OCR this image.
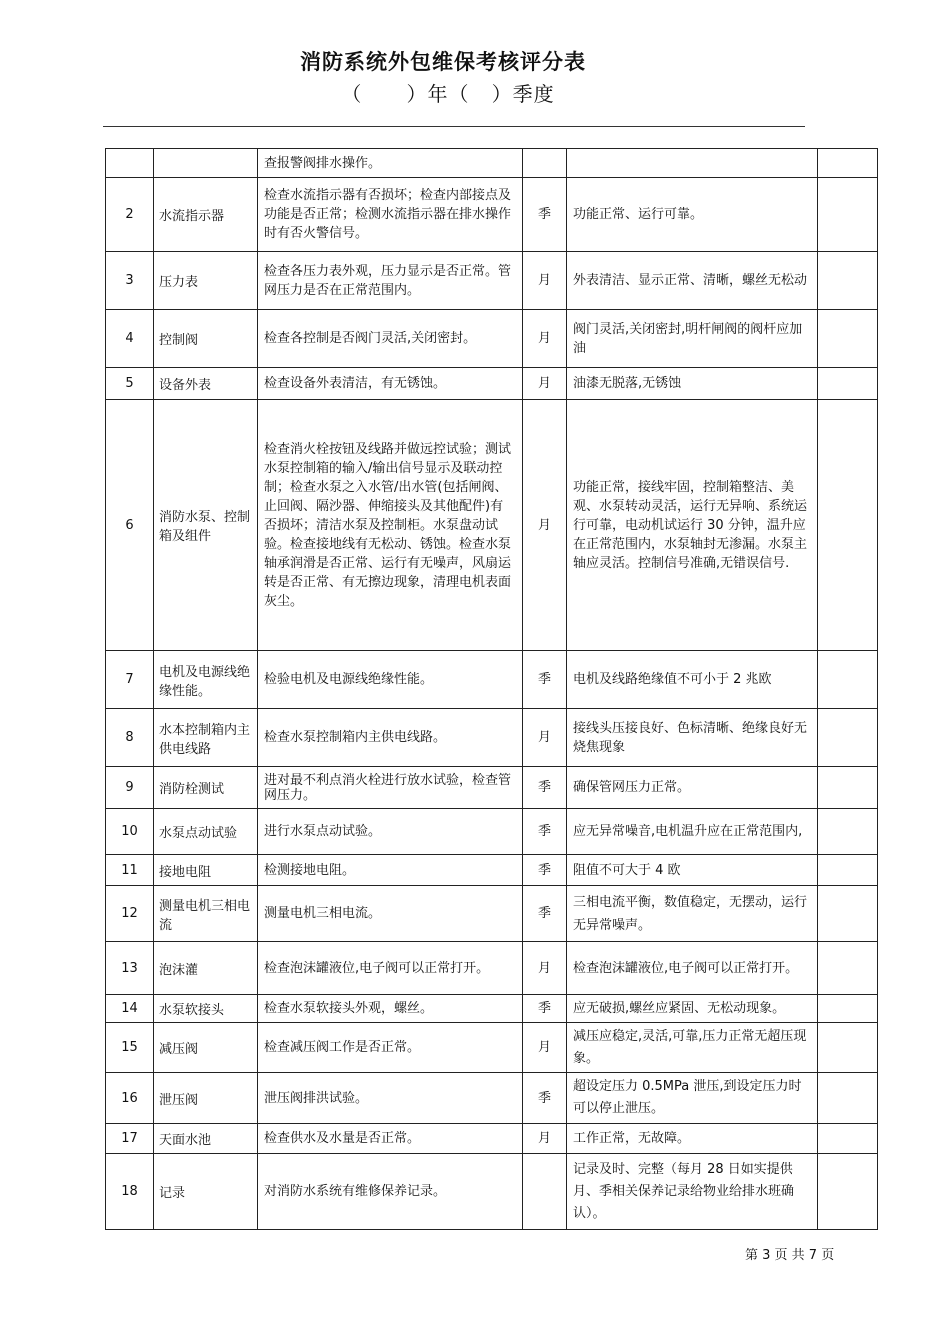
消防系统外包维保考核评分表
（      ）年（   ）季度
		查报警阀排水操作。			
2	水流指示器	检查水流指示器有否损坏；检查内部接点及功能是否正常；检测水流指示器在排水操作时有否火警信号。	季	功能正常、运行可靠。	
3	压力表	检查各压力表外观，压力显示是否正常。管网压力是否在正常范围内。	月	外表清洁、显示正常、清晰，螺丝无松动	
4	控制阀	检查各控制是否阀门灵活,关闭密封。	月	阀门灵活,关闭密封,明杆闸阀的阀杆应加油	
5	设备外表	检查设备外表清洁，有无锈蚀。	月	油漆无脱落,无锈蚀	
6	消防水泵、控制箱及组件	检查消火栓按钮及线路并做远控试验；测试水泵控制箱的输入/输出信号显示及联动控制；检查水泵之入水管/出水管(包括闸阀、止回阀、隔沙器、伸缩接头及其他配件)有否损坏；清洁水泵及控制柜。水泵盘动试验。检查接地线有无松动、锈蚀。检查水泵轴承润滑是否正常、运行有无噪声，风扇运转是否正常、有无擦边现象，清理电机表面灰尘。	月	功能正常，接线牢固，控制箱整洁、美观、水泵转动灵活，运行无异响、系统运行可靠，电动机试运行 30 分钟，温升应在正常范围内，水泵轴封无渗漏。水泵主轴应灵活。控制信号准确,无错误信号.	
7	电机及电源线绝缘性能。	检验电机及电源线绝缘性能。	季	电机及线路绝缘值不可小于 2 兆欧	
8	水本控制箱内主供电线路	检查水泵控制箱内主供电线路。	月	接线头压接良好、色标清晰、绝缘良好无烧焦现象	
9	消防栓测试	进对最不利点消火栓进行放水试验，检查管网压力。	季	确保管网压力正常。	
10	水泵点动试验	进行水泵点动试验。	季	应无异常噪音,电机温升应在正常范围内,	
11	接地电阻	检测接地电阻。	季	阻值不可大于 4 欧	
12	测量电机三相电流	测量电机三相电流。	季	三相电流平衡，数值稳定，无摆动，运行无异常噪声。	
13	泡沫灌	检查泡沫罐液位,电子阀可以正常打开。	月	检查泡沫罐液位,电子阀可以正常打开。	
14	水泵软接头	检查水泵软接头外观，螺丝。	季	应无破损,螺丝应紧固、无松动现象。	
15	减压阀	检查减压阀工作是否正常。	月	减压应稳定,灵活,可靠,压力正常无超压现象。	
16	泄压阀	泄压阀排洪试验。	季	超设定压力 0.5MPa 泄压,到设定压力时可以停止泄压。	
17	天面水池	检查供水及水量是否正常。	月	工作正常，无故障。	
18	记录	对消防水系统有维修保养记录。		记录及时、完整（每月 28 日如实提供月、季相关保养记录给物业给排水班确认）。	
第 3 页 共 7 页
